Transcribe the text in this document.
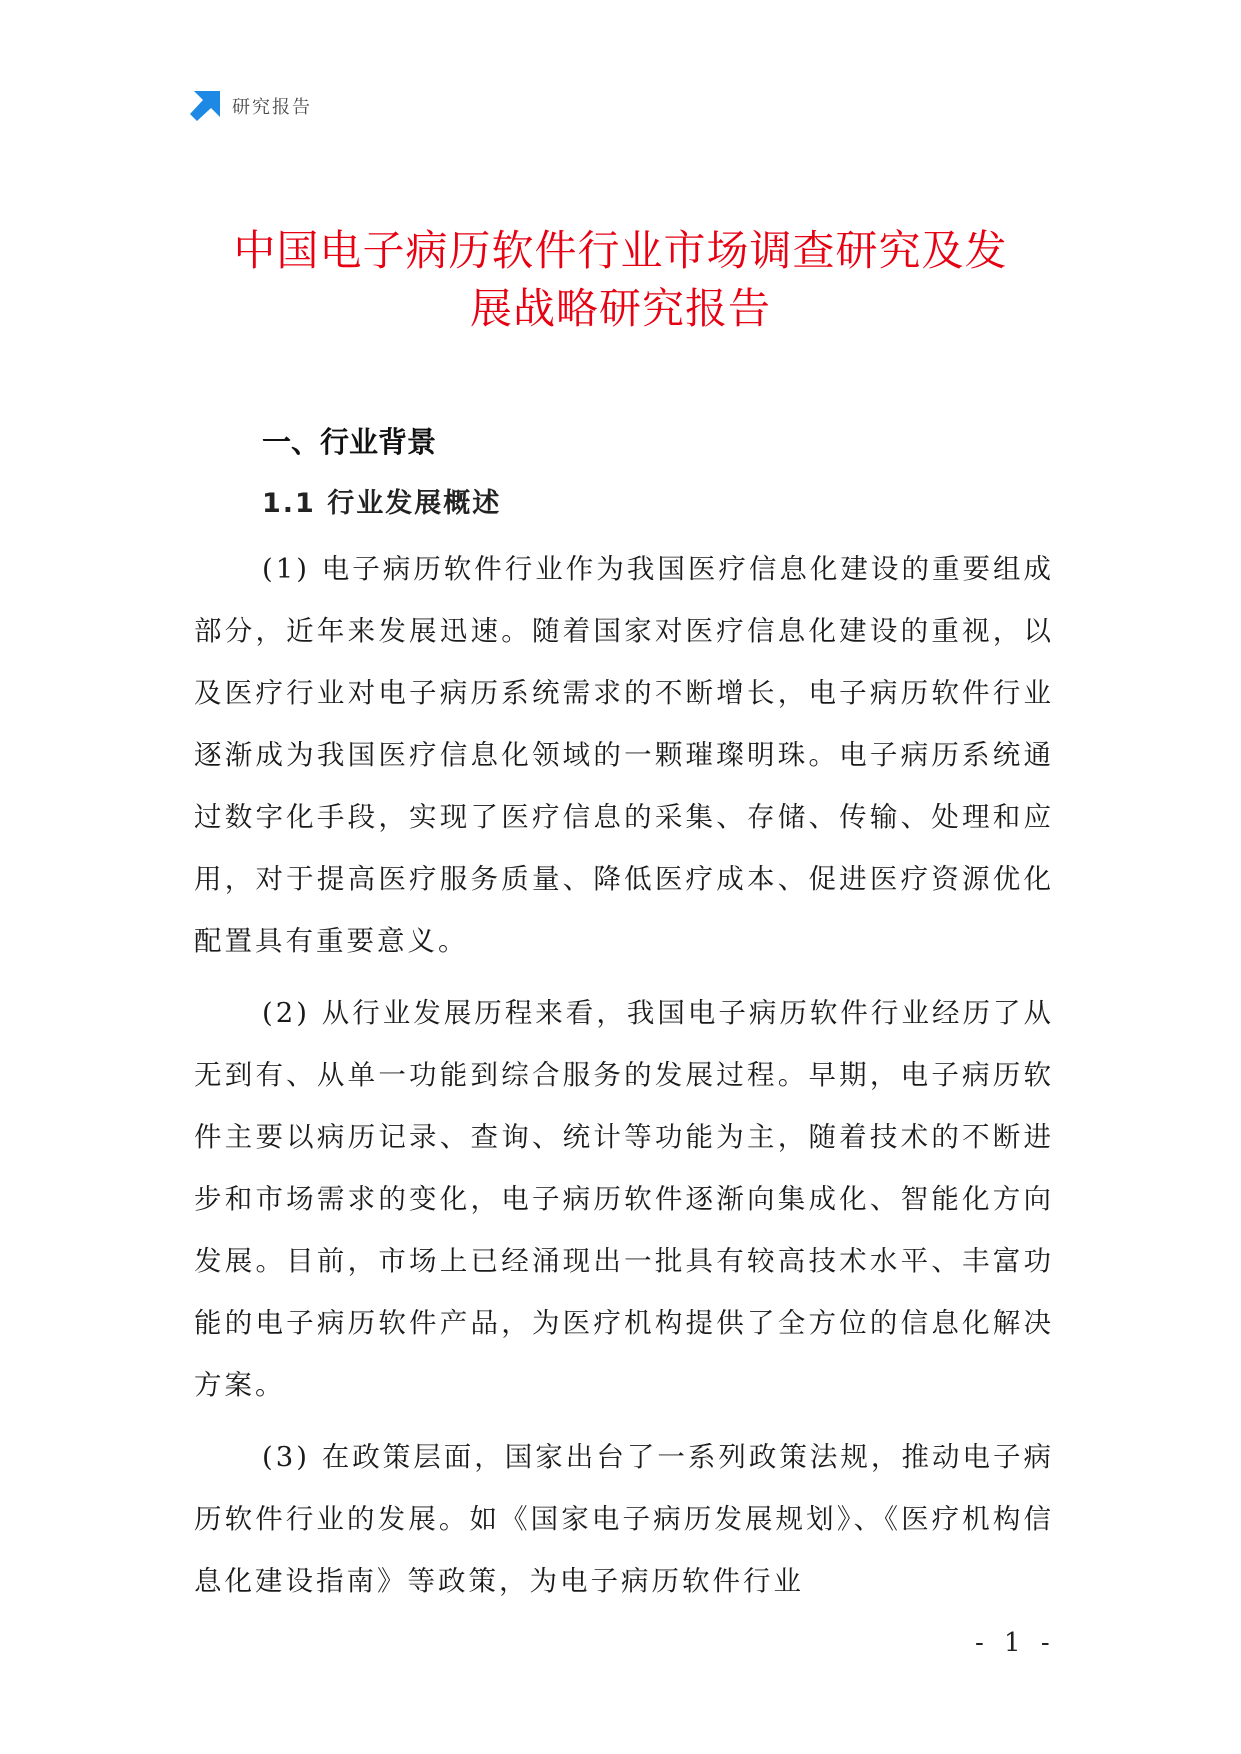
研究报告
中国电子病历软件行业市场调查研究及发
展战略研究报告
一、行业背景
1.1 行业发展概述

(1) 电子病历软件行业作为我国医疗信息化建设的重要组成部分，近年来发展迅速。随着国家对医疗信息化建设的重视，以及医疗行业对电子病历系统需求的不断增长，电子病历软件行业逐渐成为我国医疗信息化领域的一颗璀璨明珠。电子病历系统通过数字化手段，实现了医疗信息的采集、存储、传输、处理和应用，对于提高医疗服务质量、降低医疗成本、促进医疗资源优化配置具有重要意义。

(2) 从行业发展历程来看，我国电子病历软件行业经历了从无到有、从单一功能到综合服务的发展过程。早期，电子病历软件主要以病历记录、查询、统计等功能为主，随着技术的不断进步和市场需求的变化，电子病历软件逐渐向集成化、智能化方向发展。目前，市场上已经涌现出一批具有较高技术水平、丰富功能的电子病历软件产品，为医疗机构提供了全方位的信息化解决方案。

(3) 在政策层面，国家出台了一系列政策法规，推动电子病历软件行业的发展。如《国家电子病历发展规划》、《医疗机构信息化建设指南》等政策，为电子病历软件行业

- 1 -
